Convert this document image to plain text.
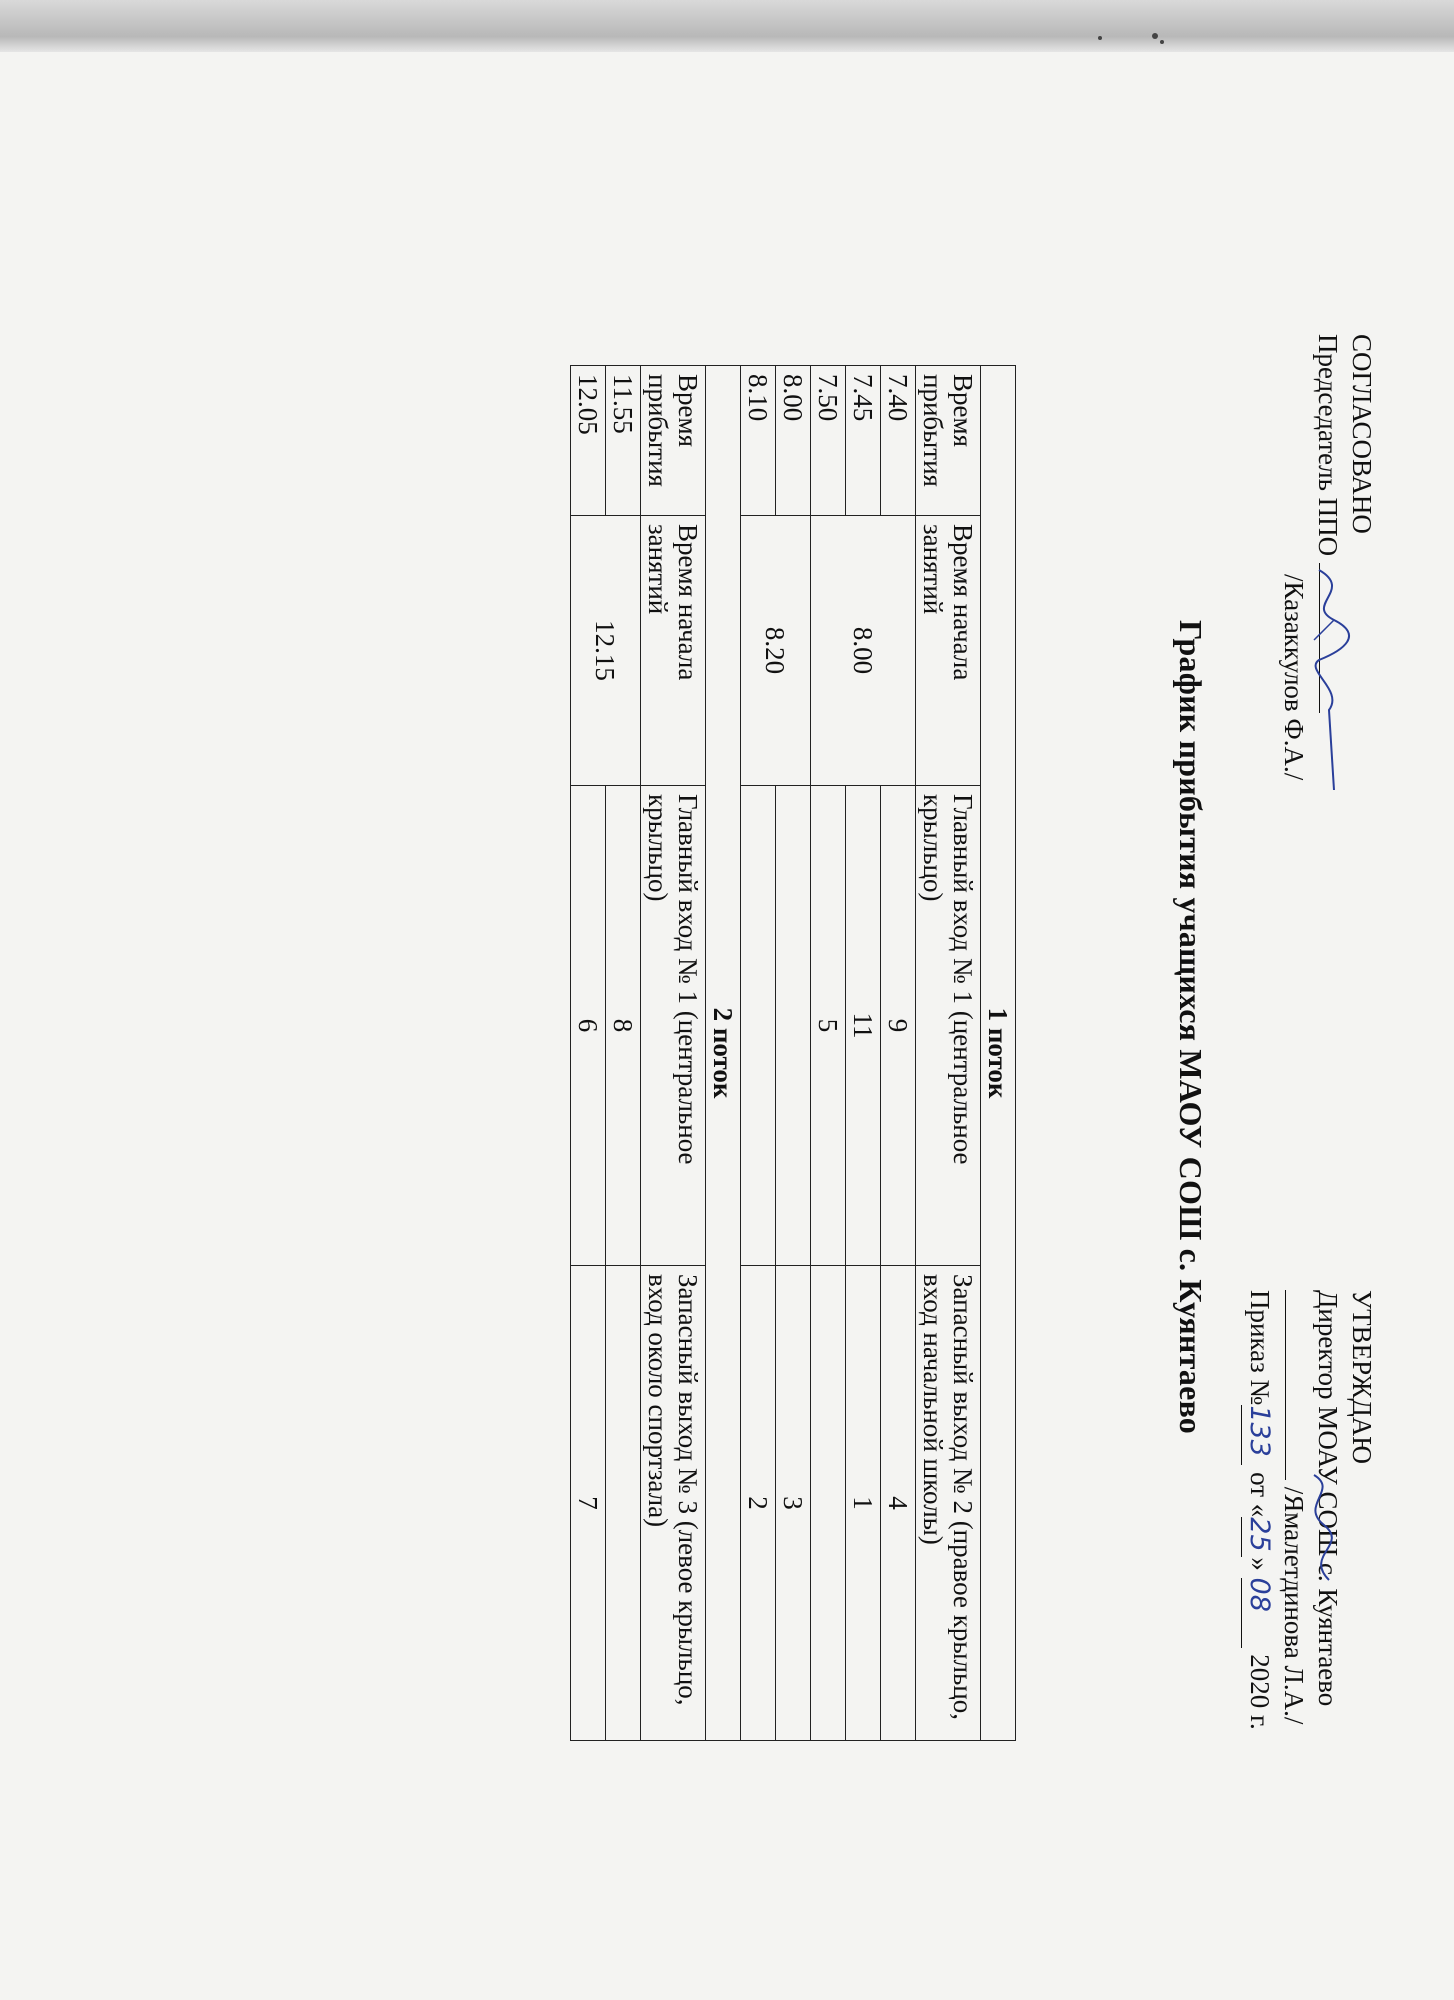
СОГЛАСОВАНО
Председатель ППО
/Казаккулов Ф.А./
УТВЕРЖДАЮ
Директор МОАУ СОШ с. Куянтаево
/Ямалетдинова Л.А./
Приказ №133 от «25» 08 2020 г.
График прибытия учащихся МАОУ СОШ с. Куянтаево
1 поток			
Время прибытия	Время начала занятий	Главный вход № 1 (центральное крыльцо)	Запасный выход № 2 (правое крыльцо, вход начальной школы)
7.40	8.00	9	4
7.45		11	1
7.50		5	
8.00	8.20		3
8.10			2
2 поток			
Время прибытия	Время начала занятий	Главный вход № 1 (центральное крыльцо)	Запасный выход № 3 (левое крыльцо, вход около спортзала)
11.55	12.15	8	
12.05		6	7
